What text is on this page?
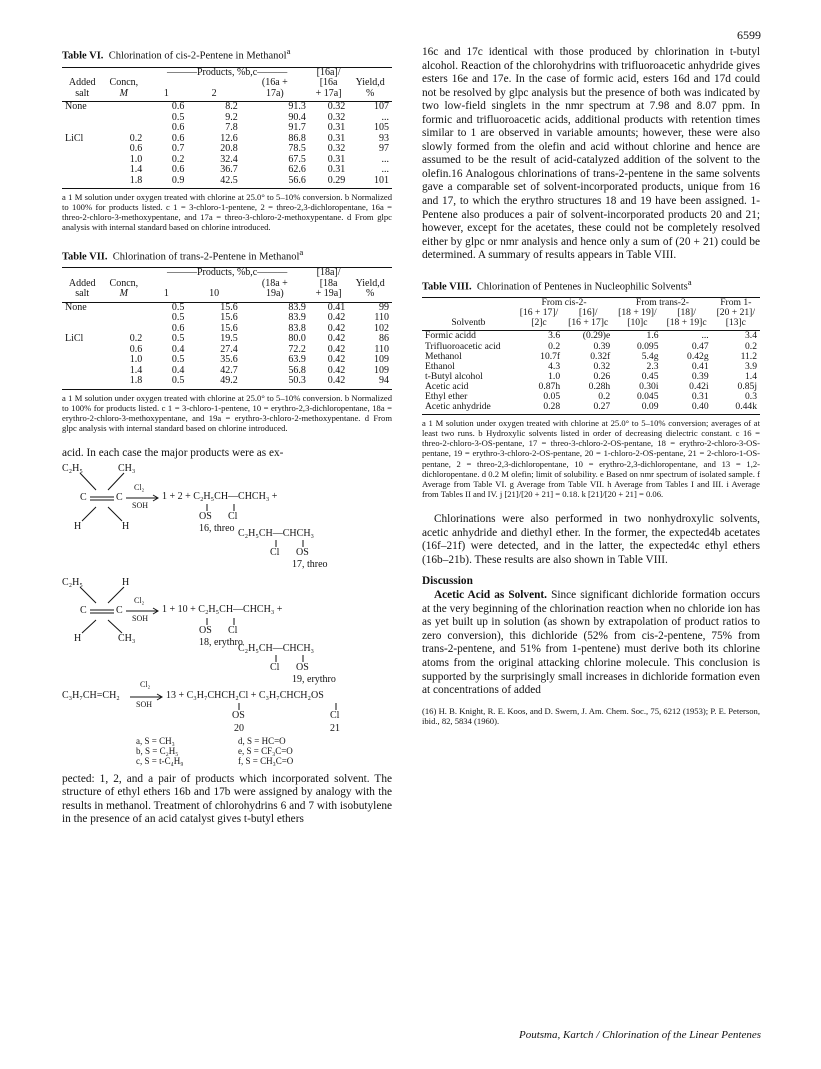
6599
Table VI. Chlorination of cis-2-Pentene in Methanol$^a$
		———Products, %b,c———			[16a]/	
Added	Concn,			(16a +	[16a	Yield,d
salt	M	1	2	17a)	+ 17a]	%
None		0.6	8.2	91.3	0.32	107
		0.5	9.2	90.4	0.32	...
		0.6	7.8	91.7	0.31	105
LiCl	0.2	0.6	12.6	86.8	0.31	93
	0.6	0.7	20.8	78.5	0.32	97
	1.0	0.2	32.4	67.5	0.31	...
	1.4	0.6	36.7	62.6	0.31	...
	1.8	0.9	42.5	56.6	0.29	101

a 1 M solution under oxygen treated with chlorine at 25.0° to 5–10% conversion. b Normalized to 100% for products listed. c 1 = 3-chloro-1-pentene, 2 = threo-2,3-dichloropentane, 16a = threo-2-chloro-3-methoxypentane, and 17a = threo-3-chloro-2-methoxypentane. d From glpc analysis with internal standard based on chlorine introduced.

Table VII. Chlorination of trans-2-Pentene in Methanol$^a$
		———Products, %b,c———			[18a]/	
Added	Concn,			(18a +	[18a	Yield,d
salt	M	1	10	19a)	+ 19a]	%
None		0.5	15.6	83.9	0.41	99
		0.5	15.6	83.9	0.42	110
		0.6	15.6	83.8	0.42	102
LiCl	0.2	0.5	19.5	80.0	0.42	86
	0.6	0.4	27.4	72.2	0.42	110
	1.0	0.5	35.6	63.9	0.42	109
	1.4	0.4	42.7	56.8	0.42	109
	1.8	0.5	49.2	50.3	0.42	94

a 1 M solution under oxygen treated with chlorine at 25.0° to 5–10% conversion. b Normalized to 100% for products listed. c 1 = 3-chloro-1-pentene, 10 = erythro-2,3-dichloropentane, 18a = erythro-2-chloro-3-methoxypentane, and 19a = erythro-3-chloro-2-methoxypentane. d From glpc analysis with internal standard based on chlorine introduced.

acid. In each case the major products were as ex-

C₂H₅	CH₃
C	C
H	H
Cl₂
SOH
1 + 2 + C₂H₅CH—CHCH₃ +
OS Cl
16, threo C₂H₅CH—CHCH₃
Cl OS
17, threo
C₂H₅	H
C	C
H	CH₃
Cl₂
SOH
1 + 10 + C₂H₅CH—CHCH₃ +
OS Cl
18, erythro
C₂H₅CH—CHCH₃
Cl OS
19, erythro
C₃H₇CH=CH₂
Cl₂
SOH
13 + C₃H₇CHCH₂Cl + C₃H₇CHCH₂OS
OS	Cl
20	21
a, S = CH₃
b, S = C₂H₅
c, S = t-C₄H₉
d, S = HC=O
e, S = CF₃C=O
f, S = CH₃C=O

pected: 1, 2, and a pair of products which incorporated solvent. The structure of ethyl ethers 16b and 17b were assigned by analogy with the results in methanol. Treatment of chlorohydrins 6 and 7 with isobutylene in the presence of an acid catalyst gives t-butyl ethers

16c and 17c identical with those produced by chlorination in t-butyl alcohol. Reaction of the chlorohydrins with trifluoroacetic anhydride gives esters 16e and 17e. In the case of formic acid, esters 16d and 17d could not be resolved by glpc analysis but the presence of both was indicated by two low-field singlets in the nmr spectrum at 7.98 and 8.07 ppm. In formic and trifluoroacetic acids, additional products with retention times similar to 1 are observed in variable amounts; however, these were also slowly formed from the olefin and acid without chlorine and hence are assumed to be the result of acid-catalyzed addition of the solvent to the olefin.16 Analogous chlorinations of trans-2-pentene in the same solvents gave a comparable set of solvent-incorporated products, unique from 16 and 17, to which the erythro structures 18 and 19 have been assigned. 1-Pentene also produces a pair of solvent-incorporated products 20 and 21; however, except for the acetates, these could not be completely resolved either by glpc or nmr analysis and hence only a sum of (20 + 21) could be determined. A summary of results appears in Table VIII.

Table VIII. Chlorination of Pentenes in Nucleophilic Solvents$^a$
	From cis-2-		From trans-2-		From 1-
	[16 + 17]/	[16]/	[18 + 19]/	[18]/	[20 + 21]/
Solventb	[2]c	[16 + 17]c	[10]c	[18 + 19]c	[13]c
Formic acidd	3.6	(0.29)e	1.6	...	3.4
Trifluoroacetic acid	0.2	0.39	0.095	0.47	0.2
Methanol	10.7f	0.32f	5.4g	0.42g	11.2
Ethanol	4.3	0.32	2.3	0.41	3.9
t-Butyl alcohol	1.0	0.26	0.45	0.39	1.4
Acetic acid	0.87h	0.28h	0.30i	0.42i	0.85j
Ethyl ether	0.05	0.2	0.045	0.31	0.3
Acetic anhydride	0.28	0.27	0.09	0.40	0.44k

a 1 M solution under oxygen treated with chlorine at 25.0° to 5–10% conversion; averages of at least two runs. b Hydroxylic solvents listed in order of decreasing dielectric constant. c 16 = threo-2-chloro-3-OS-pentane, 17 = threo-3-chloro-2-OS-pentane, 18 = erythro-2-chloro-3-OS-pentane, 19 = erythro-3-chloro-2-OS-pentane, 20 = 1-chloro-2-OS-pentane, 21 = 2-chloro-1-OS-pentane, 2 = threo-2,3-dichloropentane, 10 = erythro-2,3-dichloropentane, and 13 = 1,2-dichloropentane. d 0.2 M olefin; limit of solubility. e Based on nmr spectrum of isolated sample. f Average from Table VI. g Average from Table VII. h Average from Tables I and III. i Average from Tables II and IV. j [21]/[20 + 21] = 0.18. k [21]/[20 + 21] = 0.06.

Chlorinations were also performed in two nonhydroxylic solvents, acetic anhydride and diethyl ether. In the former, the expected4b acetates (16f–21f) were detected, and in the latter, the expected4c ethyl ethers (16b–21b). These results are also shown in Table VIII.

Discussion

Acetic Acid as Solvent. Since significant dichloride formation occurs at the very beginning of the chlorination reaction when no chloride ion has as yet built up in solution (as shown by extrapolation of product ratios to zero conversion), this dichloride (52% from cis-2-pentene, 75% from trans-2-pentene, and 51% from 1-pentene) must derive both its chlorine atoms from the original attacking chlorine molecule. This conclusion is supported by the surprisingly small increases in dichloride formation even at concentrations of added

(16) H. B. Knight, R. E. Koos, and D. Swern, J. Am. Chem. Soc., 75, 6212 (1953); P. E. Peterson, ibid., 82, 5834 (1960).

Poutsma, Kartch / Chlorination of the Linear Pentenes
